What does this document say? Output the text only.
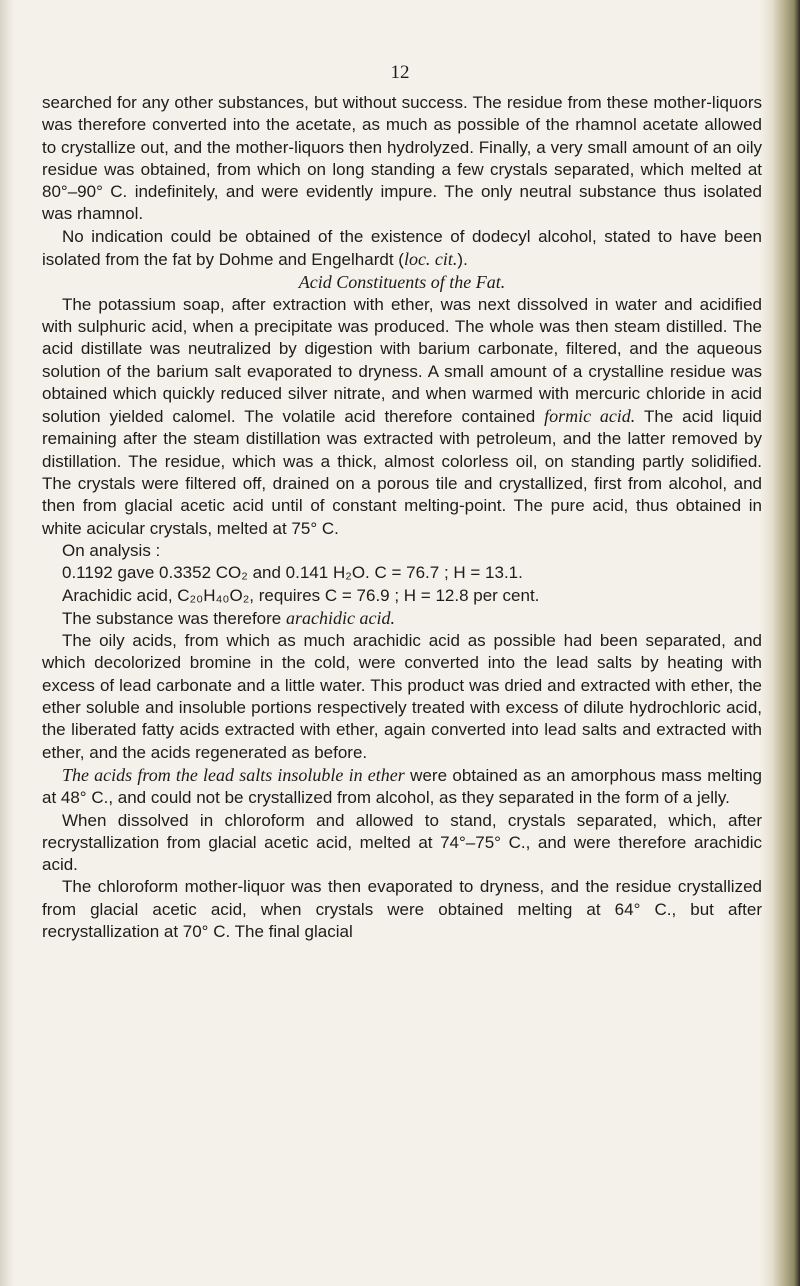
12

searched for any other substances, but without success. The residue from these mother-liquors was therefore converted into the acetate, as much as possible of the rhamnol acetate allowed to crystallize out, and the mother-liquors then hydrolyzed. Finally, a very small amount of an oily residue was obtained, from which on long standing a few crystals separated, which melted at 80°–90° C. indefinitely, and were evidently impure. The only neutral substance thus isolated was rhamnol.

No indication could be obtained of the existence of dodecyl alcohol, stated to have been isolated from the fat by Dohme and Engelhardt (loc. cit.).

Acid Constituents of the Fat.

The potassium soap, after extraction with ether, was next dissolved in water and acidified with sulphuric acid, when a precipitate was produced. The whole was then steam distilled. The acid distillate was neutralized by digestion with barium carbonate, filtered, and the aqueous solution of the barium salt evaporated to dryness. A small amount of a crystalline residue was obtained which quickly reduced silver nitrate, and when warmed with mercuric chloride in acid solution yielded calomel. The volatile acid therefore contained formic acid. The acid liquid remaining after the steam distillation was extracted with petroleum, and the latter removed by distillation. The residue, which was a thick, almost colorless oil, on standing partly solidified. The crystals were filtered off, drained on a porous tile and crystallized, first from alcohol, and then from glacial acetic acid until of constant melting-point. The pure acid, thus obtained in white acicular crystals, melted at 75° C.

On analysis :

0.1192 gave 0.3352 CO₂ and 0.141 H₂O. C = 76.7 ; H = 13.1.

Arachidic acid, C₂₀H₄₀O₂, requires C = 76.9 ; H = 12.8 per cent.

The substance was therefore arachidic acid.

The oily acids, from which as much arachidic acid as possible had been separated, and which decolorized bromine in the cold, were converted into the lead salts by heating with excess of lead carbonate and a little water. This product was dried and extracted with ether, the ether soluble and insoluble portions respectively treated with excess of dilute hydrochloric acid, the liberated fatty acids extracted with ether, again converted into lead salts and extracted with ether, and the acids regenerated as before.

The acids from the lead salts insoluble in ether were obtained as an amorphous mass melting at 48° C., and could not be crystallized from alcohol, as they separated in the form of a jelly.

When dissolved in chloroform and allowed to stand, crystals separated, which, after recrystallization from glacial acetic acid, melted at 74°–75° C., and were therefore arachidic acid.

The chloroform mother-liquor was then evaporated to dryness, and the residue crystallized from glacial acetic acid, when crystals were obtained melting at 64° C., but after recrystallization at 70° C. The final glacial
